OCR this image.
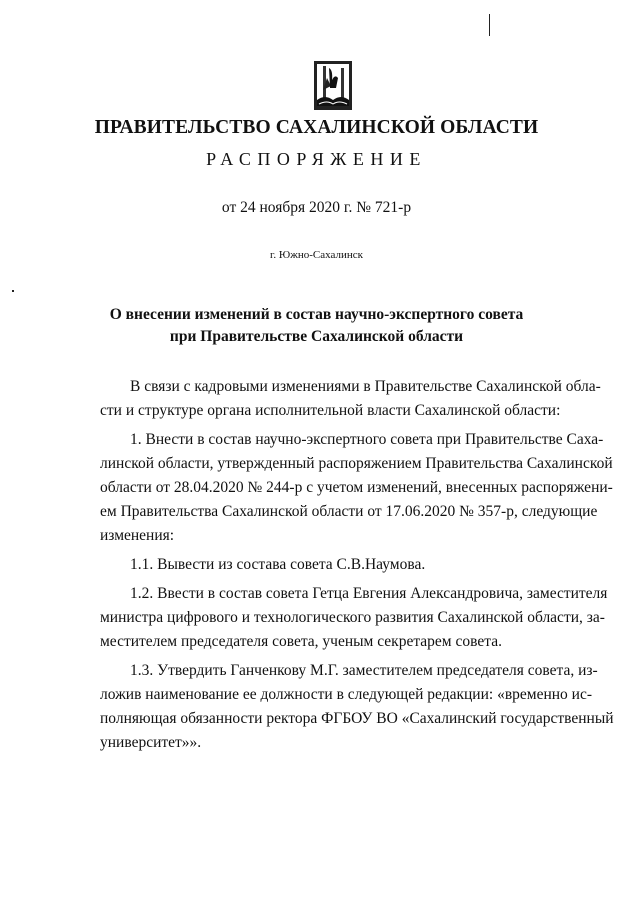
ПРАВИТЕЛЬСТВО САХАЛИНСКОЙ ОБЛАСТИ
РАСПОРЯЖЕНИЕ
от 24 ноября 2020 г. № 721-р
г. Южно-Сахалинск
О внесении изменений в состав научно-экспертного совета
при Правительстве Сахалинской области
В связи с кадровыми изменениями в Правительстве Сахалинской обла-
сти и структуре органа исполнительной власти Сахалинской области:
1. Внести в состав научно-экспертного совета при Правительстве Саха-
линской области, утвержденный распоряжением Правительства Сахалинской
области от 28.04.2020 № 244-р с учетом изменений, внесенных распоряжени-
ем Правительства Сахалинской области от 17.06.2020 № 357-р, следующие
изменения:
1.1. Вывести из состава совета С.В.Наумова.
1.2. Ввести в состав совета Гетца Евгения Александровича, заместителя
министра цифрового и технологического развития Сахалинской области, за-
местителем председателя совета, ученым секретарем совета.
1.3. Утвердить Ганченкову М.Г. заместителем председателя совета, из-
ложив наименование ее должности в следующей редакции: «временно ис-
полняющая обязанности ректора ФГБОУ ВО «Сахалинский государственный
университет»».
